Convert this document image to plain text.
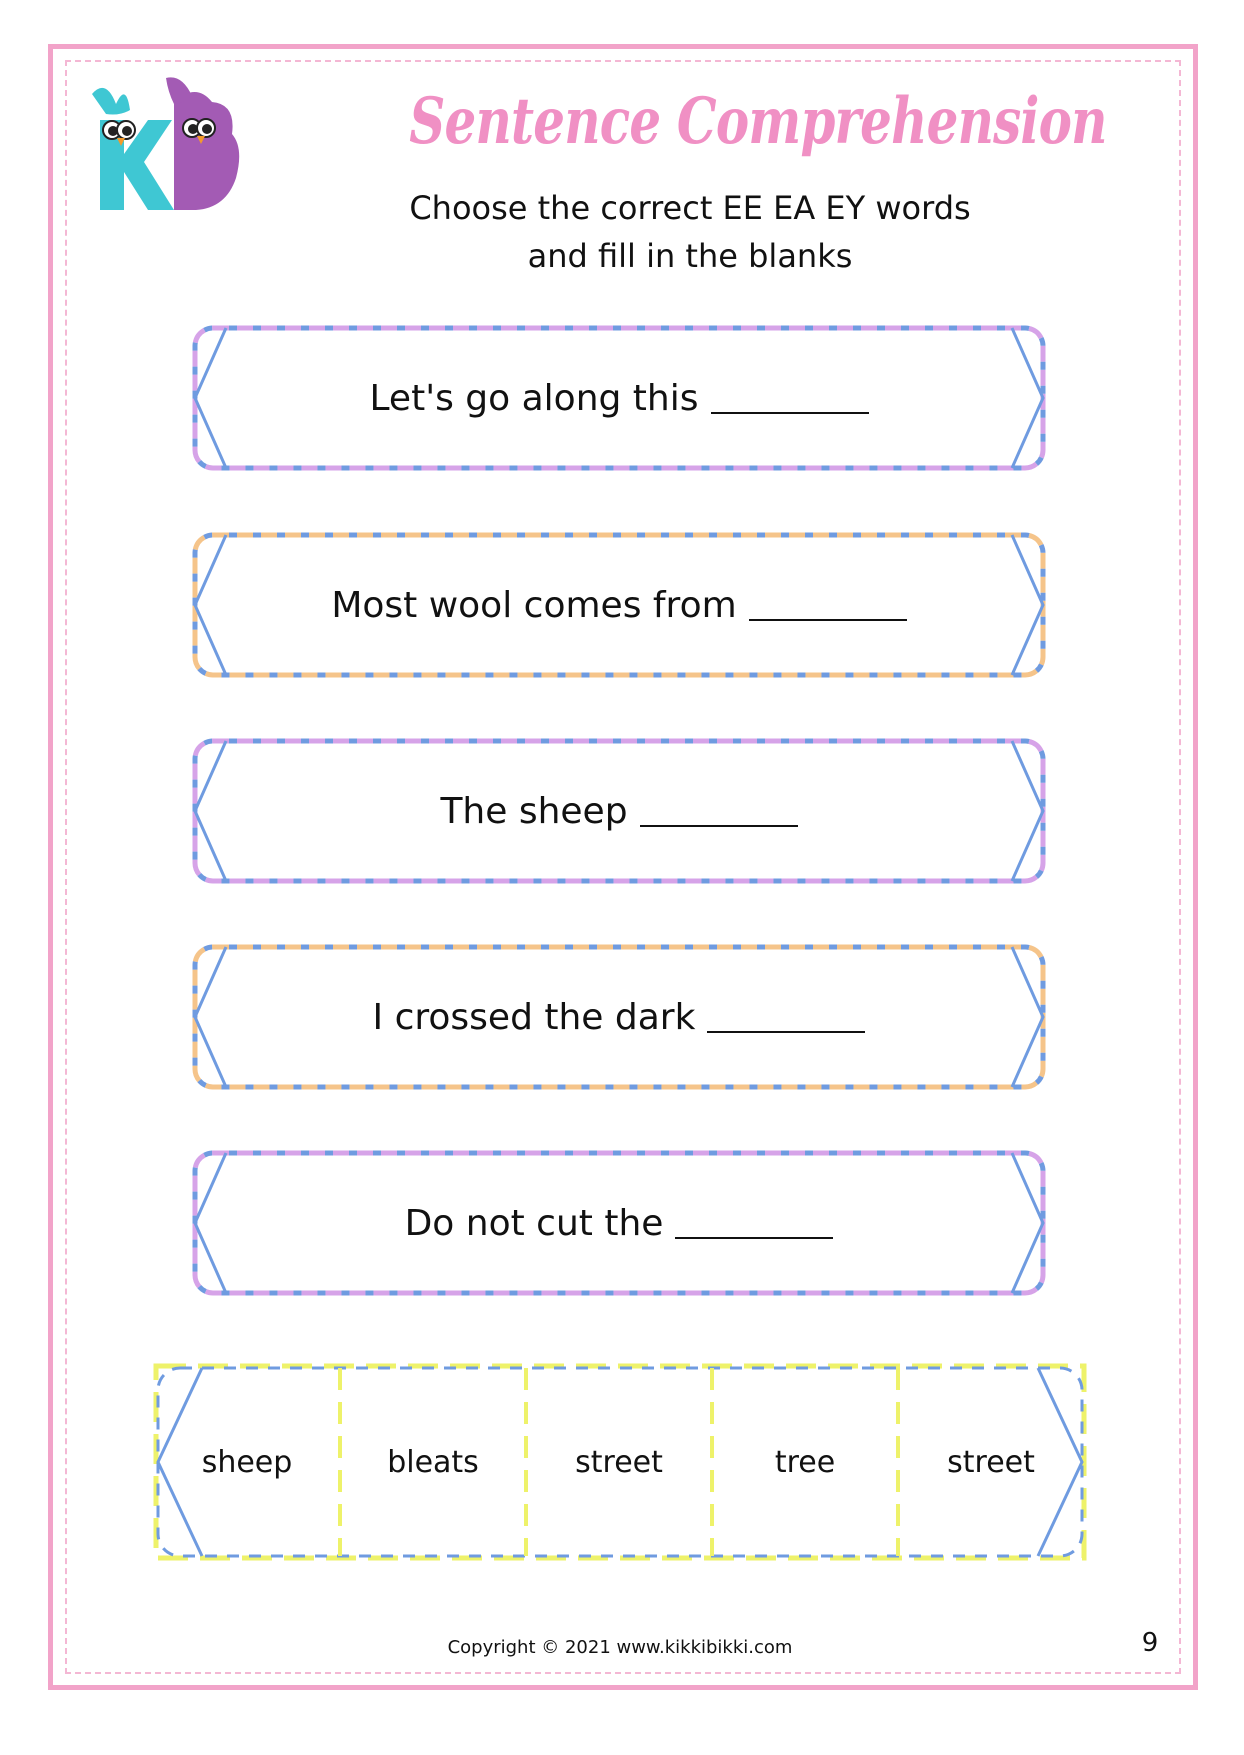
Sentence Comprehension
Choose the correct EE EA EY words
and fill in the blanks
Let's go along this
Most wool comes from
The sheep
I crossed the dark
Do not cut the
sheep	bleats	street	tree	street
Copyright © 2021 www.kikkibikki.com	9
